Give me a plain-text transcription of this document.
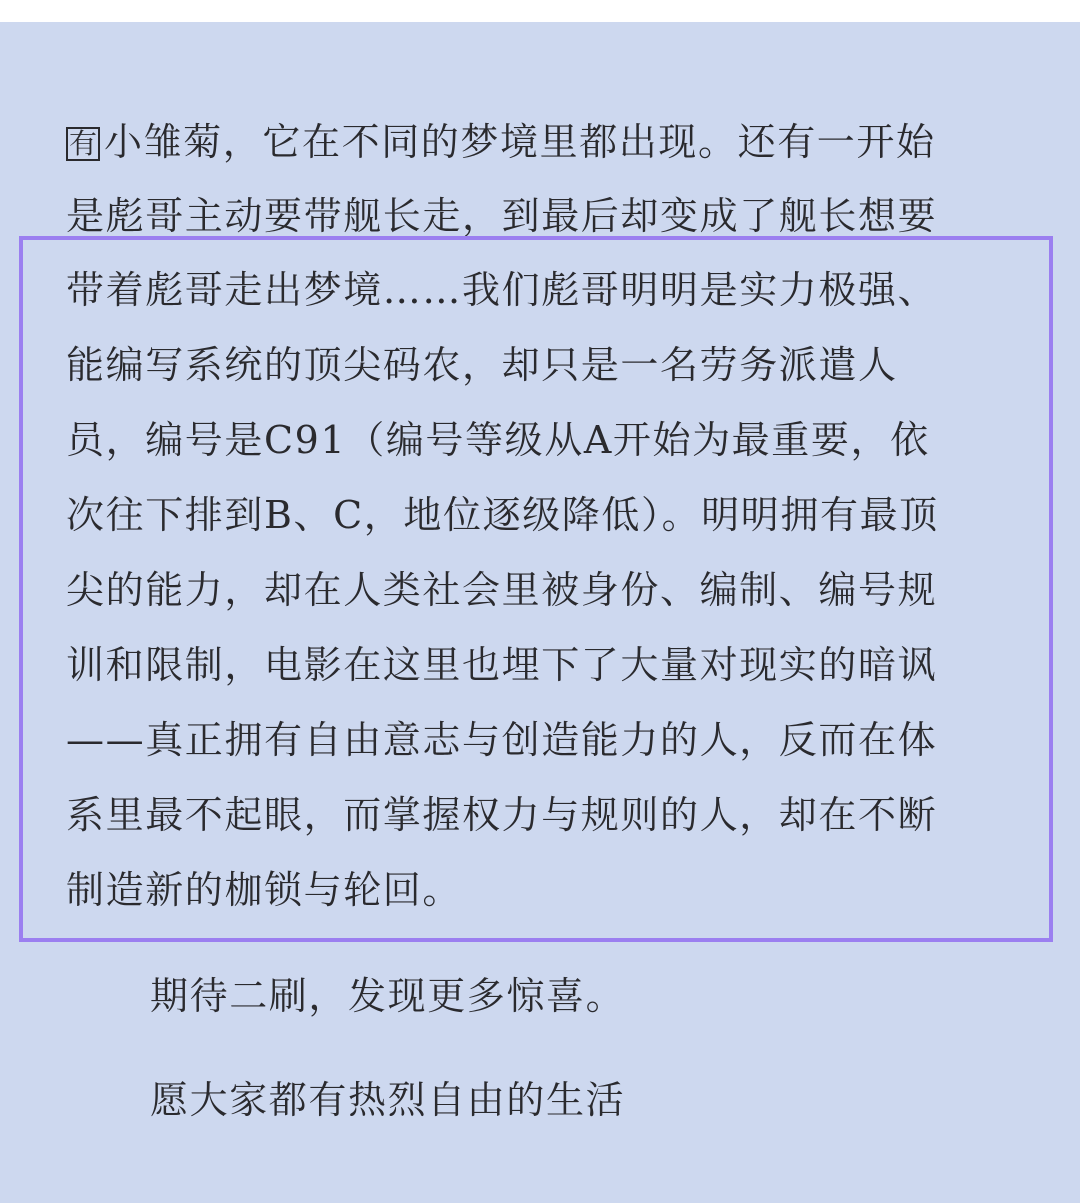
有 小雏菊，它在不同的梦境里都出现。还有一开始
是彪哥主动要带舰长走，到最后却变成了舰长想要
带着彪哥走出梦境……我们彪哥明明是实力极强、
能编写系统的顶尖码农，却只是一名劳务派遣人
员，编号是C91（编号等级从A开始为最重要，依
次往下排到B、C，地位逐级降低）。明明拥有最顶
尖的能力，却在人类社会里被身份、编制、编号规
训和限制，电影在这里也埋下了大量对现实的暗讽
——真正拥有自由意志与创造能力的人，反而在体
系里最不起眼，而掌握权力与规则的人，却在不断
制造新的枷锁与轮回。
期待二刷，发现更多惊喜。
愿大家都有热烈自由的生活
